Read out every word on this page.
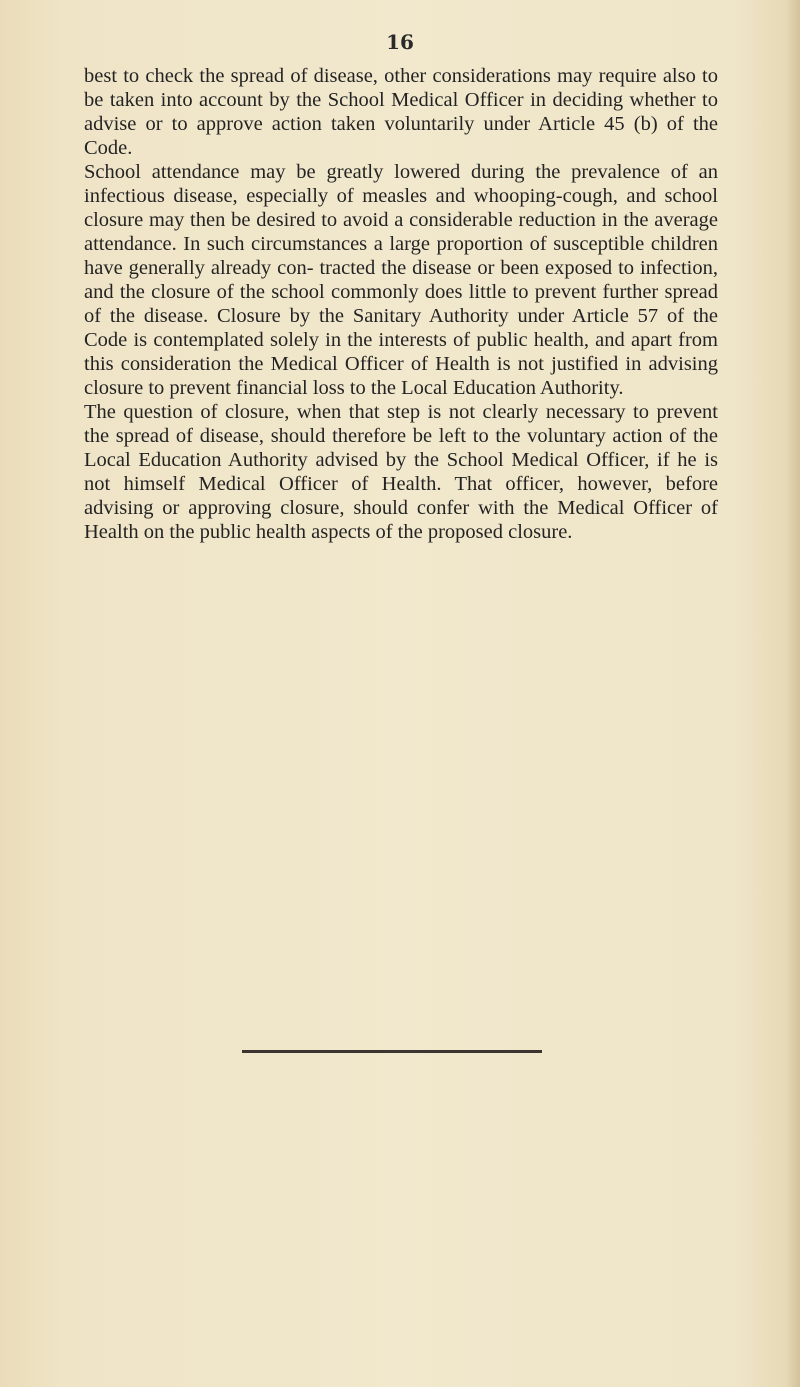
16

best to check the spread of disease, other considerations may require also to be taken into account by the School Medical Officer in deciding whether to advise or to approve action taken voluntarily under Article 45 (b) of the Code.

School attendance may be greatly lowered during the prevalence of an infectious disease, especially of measles and whooping-cough, and school closure may then be desired to avoid a considerable reduction in the average attendance. In such circumstances a large proportion of susceptible children have generally already con- tracted the disease or been exposed to infection, and the closure of the school commonly does little to prevent further spread of the disease. Closure by the Sanitary Authority under Article 57 of the Code is contemplated solely in the interests of public health, and apart from this consideration the Medical Officer of Health is not justified in advising closure to prevent financial loss to the Local Education Authority.

The question of closure, when that step is not clearly necessary to prevent the spread of disease, should therefore be left to the voluntary action of the Local Education Authority advised by the School Medical Officer, if he is not himself Medical Officer of Health. That officer, however, before advising or approving closure, should confer with the Medical Officer of Health on the public health aspects of the proposed closure.
